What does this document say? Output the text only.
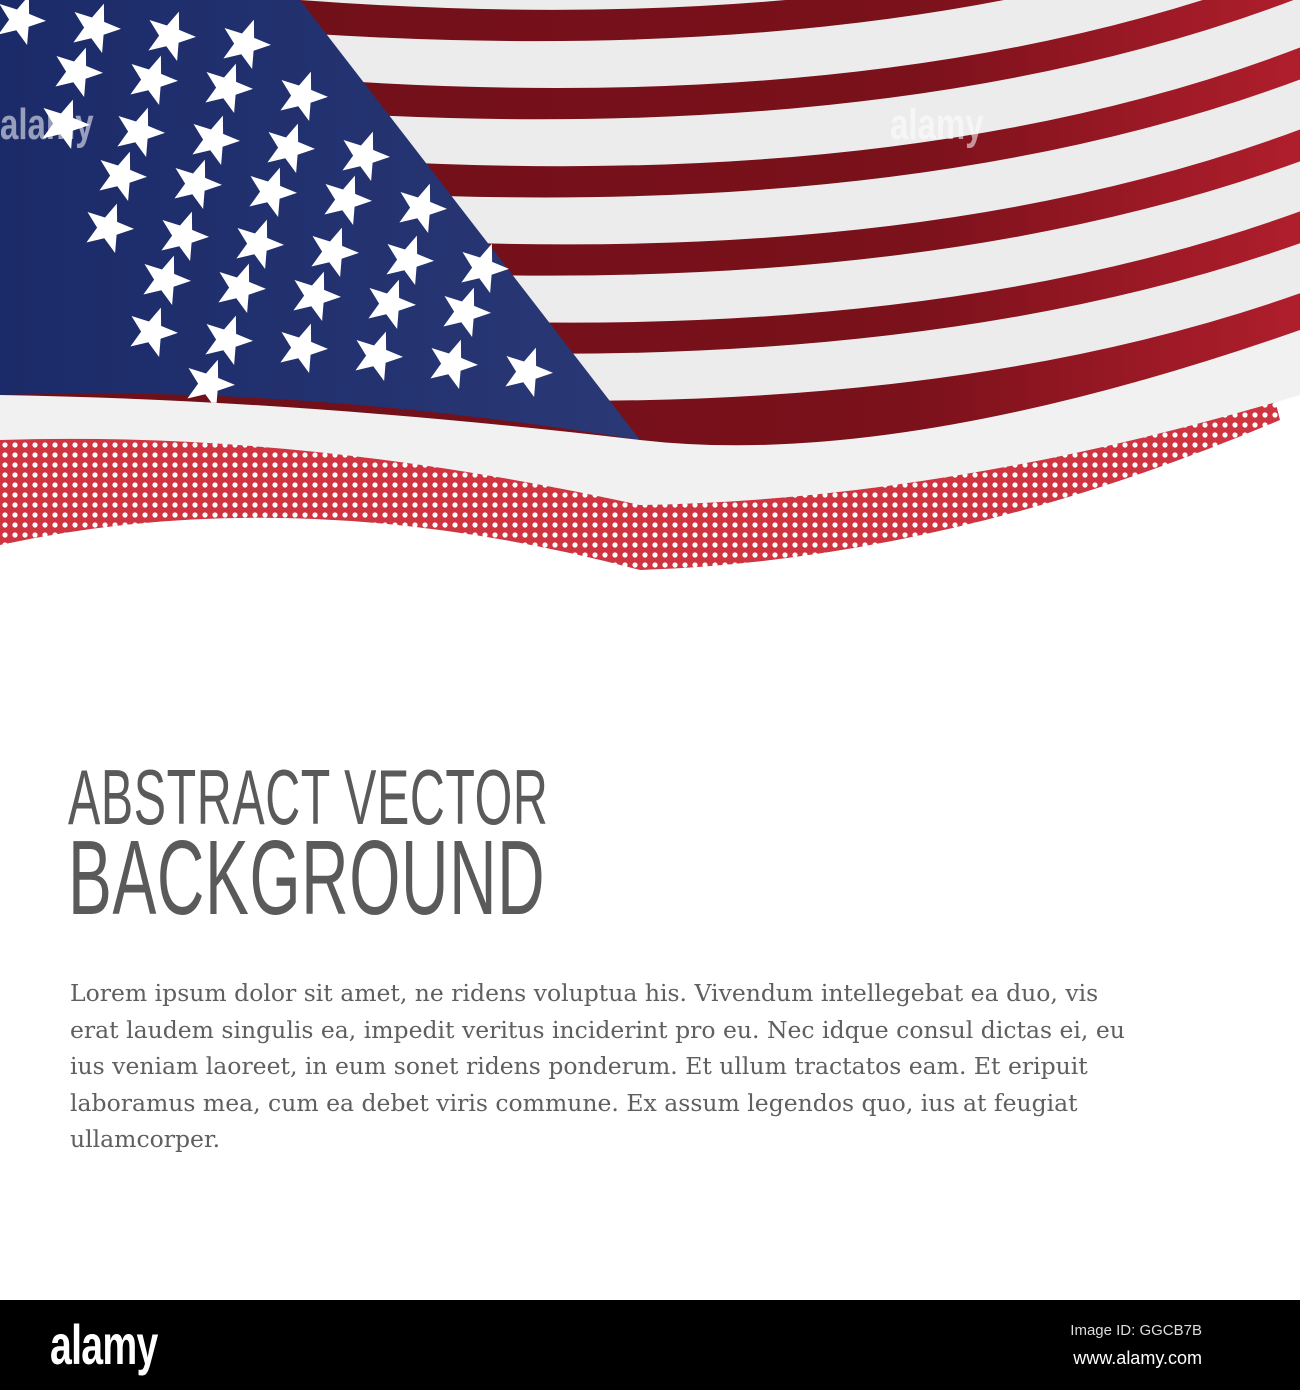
alamy	alamy
ABSTRACT VECTOR
BACKGROUND
Lorem ipsum dolor sit amet, ne ridens voluptua his. Vivendum intellegebat ea duo, vis erat laudem singulis ea, impedit veritus inciderint pro eu. Nec idque consul dictas ei, eu ius veniam laoreet, in eum sonet ridens ponderum. Et ullum tractatos eam. Et eripuit laboramus mea, cum ea debet viris commune. Ex assum legendos quo, ius at feugiat ullamcorper.
alamy	Image ID: GGCB7B
www.alamy.com
